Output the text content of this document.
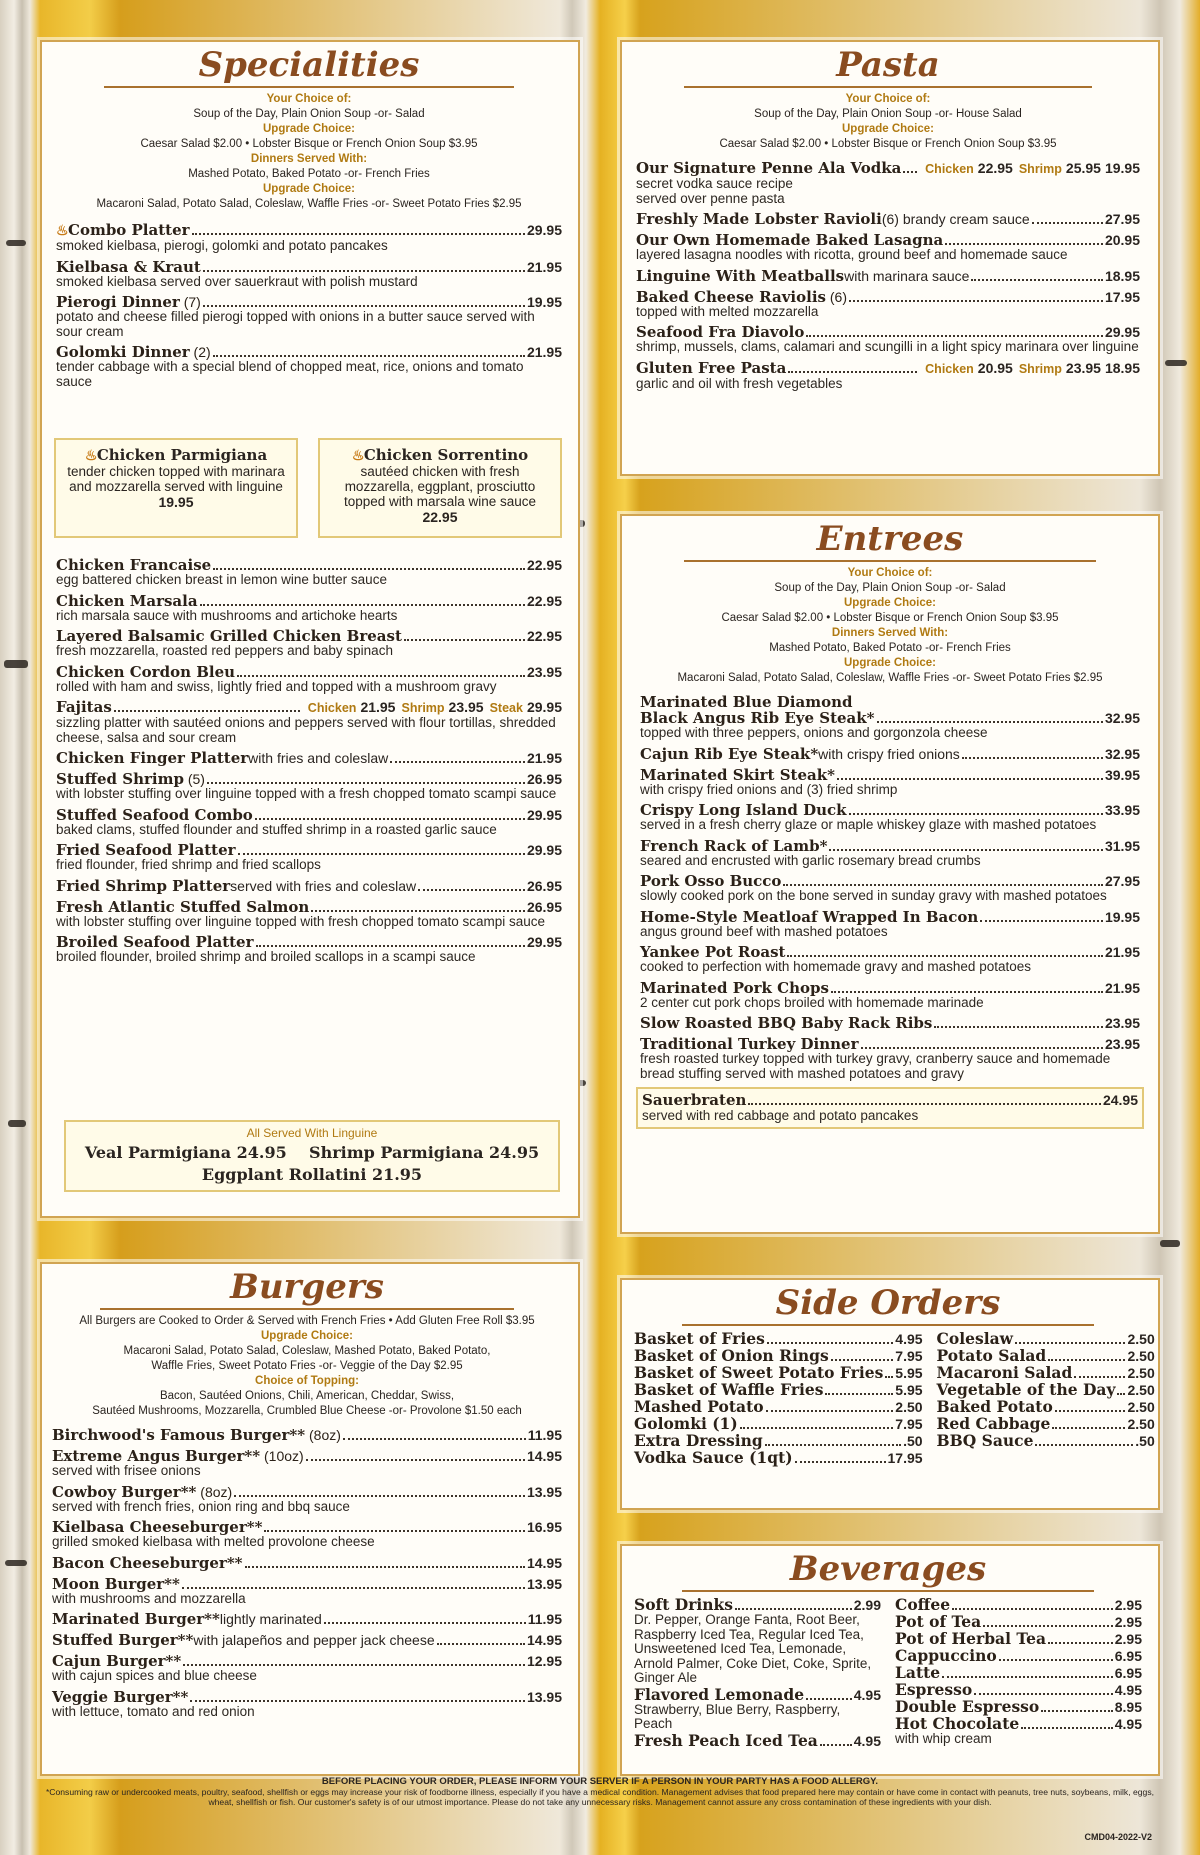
Specialities
Your Choice of:
Soup of the Day, Plain Onion Soup -or- Salad
Upgrade Choice:
Caesar Salad $2.00 • Lobster Bisque or French Onion Soup $3.95
Dinners Served With:
Mashed Potato, Baked Potato -or- French Fries
Upgrade Choice:
Macaroni Salad, Potato Salad, Coleslaw, Waffle Fries -or- Sweet Potato Fries $2.95
♨Combo Platter	29.95
smoked kielbasa, pierogi, golomki and potato pancakes
Kielbasa & Kraut	21.95
smoked kielbasa served over sauerkraut with polish mustard
Pierogi Dinner (7)	19.95
potato and cheese filled pierogi topped with onions in a butter sauce served with sour cream
Golomki Dinner (2)	21.95
tender cabbage with a special blend of chopped meat, rice, onions and tomato sauce
♨Chicken Parmigiana
tender chicken topped with marinara and mozzarella served with linguine
19.95
♨Chicken Sorrentino
sautéed chicken with fresh mozzarella, eggplant, prosciutto topped with marsala wine sauce
22.95
Chicken Francaise	22.95
egg battered chicken breast in lemon wine butter sauce
Chicken Marsala	22.95
rich marsala sauce with mushrooms and artichoke hearts
Layered Balsamic Grilled Chicken Breast	22.95
fresh mozzarella, roasted red peppers and baby spinach
Chicken Cordon Bleu	23.95
rolled with ham and swiss, lightly fried and topped with a mushroom gravy
Fajitas	Chicken 21.95 Shrimp 23.95 Steak 29.95
sizzling platter with sautéed onions and peppers served with flour tortillas, shredded cheese, salsa and sour cream
Chicken Finger Platter with fries and coleslaw	21.95
Stuffed Shrimp (5)	26.95
with lobster stuffing over linguine topped with a fresh chopped tomato scampi sauce
Stuffed Seafood Combo	29.95
baked clams, stuffed flounder and stuffed shrimp in a roasted garlic sauce
Fried Seafood Platter	29.95
fried flounder, fried shrimp and fried scallops
Fried Shrimp Platter served with fries and coleslaw	26.95
Fresh Atlantic Stuffed Salmon	26.95
with lobster stuffing over linguine topped with fresh chopped tomato scampi sauce
Broiled Seafood Platter	29.95
broiled flounder, broiled shrimp and broiled scallops in a scampi sauce
All Served With Linguine
Veal Parmigiana 24.95 Shrimp Parmigiana 24.95
Eggplant Rollatini 21.95
Pasta
Your Choice of:
Soup of the Day, Plain Onion Soup -or- House Salad
Upgrade Choice:
Caesar Salad $2.00 • Lobster Bisque or French Onion Soup $3.95
Our Signature Penne Ala Vodka Chicken 22.95 Shrimp 25.95 19.95
secret vodka sauce recipe
served over penne pasta
Freshly Made Lobster Ravioli (6) brandy cream sauce	27.95
Our Own Homemade Baked Lasagna	20.95
layered lasagna noodles with ricotta, ground beef and homemade sauce
Linguine With Meatballs with marinara sauce	18.95
Baked Cheese Raviolis (6)	17.95
topped with melted mozzarella
Seafood Fra Diavolo	29.95
shrimp, mussels, clams, calamari and scungilli in a light spicy marinara over linguine
Gluten Free Pasta	Chicken 20.95 Shrimp 23.95 18.95
garlic and oil with fresh vegetables
Entrees
Your Choice of:
Soup of the Day, Plain Onion Soup -or- Salad
Upgrade Choice:
Caesar Salad $2.00 • Lobster Bisque or French Onion Soup $3.95
Dinners Served With:
Mashed Potato, Baked Potato -or- French Fries
Upgrade Choice:
Macaroni Salad, Potato Salad, Coleslaw, Waffle Fries -or- Sweet Potato Fries $2.95
Marinated Blue Diamond
Black Angus Rib Eye Steak*	32.95
topped with three peppers, onions and gorgonzola cheese
Cajun Rib Eye Steak* with crispy fried onions	32.95
Marinated Skirt Steak*	39.95
with crispy fried onions and (3) fried shrimp
Crispy Long Island Duck	33.95
served in a fresh cherry glaze or maple whiskey glaze with mashed potatoes
French Rack of Lamb*	31.95
seared and encrusted with garlic rosemary bread crumbs
Pork Osso Bucco	27.95
slowly cooked pork on the bone served in sunday gravy with mashed potatoes
Home-Style Meatloaf Wrapped In Bacon	19.95
angus ground beef with mashed potatoes
Yankee Pot Roast	21.95
cooked to perfection with homemade gravy and mashed potatoes
Marinated Pork Chops	21.95
2 center cut pork chops broiled with homemade marinade
Slow Roasted BBQ Baby Rack Ribs	23.95
Traditional Turkey Dinner	23.95
fresh roasted turkey topped with turkey gravy, cranberry sauce and homemade bread stuffing served with mashed potatoes and gravy
Sauerbraten	24.95
served with red cabbage and potato pancakes
Burgers
All Burgers are Cooked to Order & Served with French Fries • Add Gluten Free Roll $3.95
Upgrade Choice:
Macaroni Salad, Potato Salad, Coleslaw, Mashed Potato, Baked Potato,
Waffle Fries, Sweet Potato Fries -or- Veggie of the Day $2.95
Choice of Topping:
Bacon, Sautéed Onions, Chili, American, Cheddar, Swiss,
Sautéed Mushrooms, Mozzarella, Crumbled Blue Cheese -or- Provolone $1.50 each
Birchwood's Famous Burger** (8oz)	11.95
Extreme Angus Burger** (10oz)	14.95
served with frisee onions
Cowboy Burger** (8oz)	13.95
served with french fries, onion ring and bbq sauce
Kielbasa Cheeseburger**	16.95
grilled smoked kielbasa with melted provolone cheese
Bacon Cheeseburger**	14.95
Moon Burger**	13.95
with mushrooms and mozzarella
Marinated Burger** lightly marinated	11.95
Stuffed Burger** with jalapeños and pepper jack cheese	14.95
Cajun Burger**	12.95
with cajun spices and blue cheese
Veggie Burger**	13.95
with lettuce, tomato and red onion
Side Orders
Basket of Fries	4.95
Basket of Onion Rings	7.95
Basket of Sweet Potato Fries 5.95
Basket of Waffle Fries	5.95
Mashed Potato	2.50
Golomki (1)	7.95
Extra Dressing	.50
Vodka Sauce (1qt)	17.95
Coleslaw	2.50
Potato Salad	2.50
Macaroni Salad	2.50
Vegetable of the Day 2.50
Baked Potato	2.50
Red Cabbage	2.50
BBQ Sauce	.50
Beverages
Soft Drinks	2.99
Dr. Pepper, Orange Fanta, Root Beer, Raspberry Iced Tea, Regular Iced Tea, Unsweetened Iced Tea, Lemonade, Arnold Palmer, Coke Diet, Coke, Sprite, Ginger Ale
Flavored Lemonade	4.95
Strawberry, Blue Berry, Raspberry, Peach
Fresh Peach Iced Tea	4.95
Coffee	2.95
Pot of Tea	2.95
Pot of Herbal Tea	2.95
Cappuccino	6.95
Latte	6.95
Espresso	4.95
Double Espresso	8.95
Hot Chocolate	4.95
with whip cream
BEFORE PLACING YOUR ORDER, PLEASE INFORM YOUR SERVER IF A PERSON IN YOUR PARTY HAS A FOOD ALLERGY.
*Consuming raw or undercooked meats, poultry, seafood, shellfish or eggs may increase your risk of foodborne illness, especially if you have a medical condition. Management advises that food prepared here may contain or have come in contact with peanuts, tree nuts, soybeans, milk, eggs, wheat, shellfish or fish. Our customer's safety is of our utmost importance. Please do not take any unnecessary risks. Management cannot assure any cross contamination of these ingredients with your dish.
CMD04-2022-V2
